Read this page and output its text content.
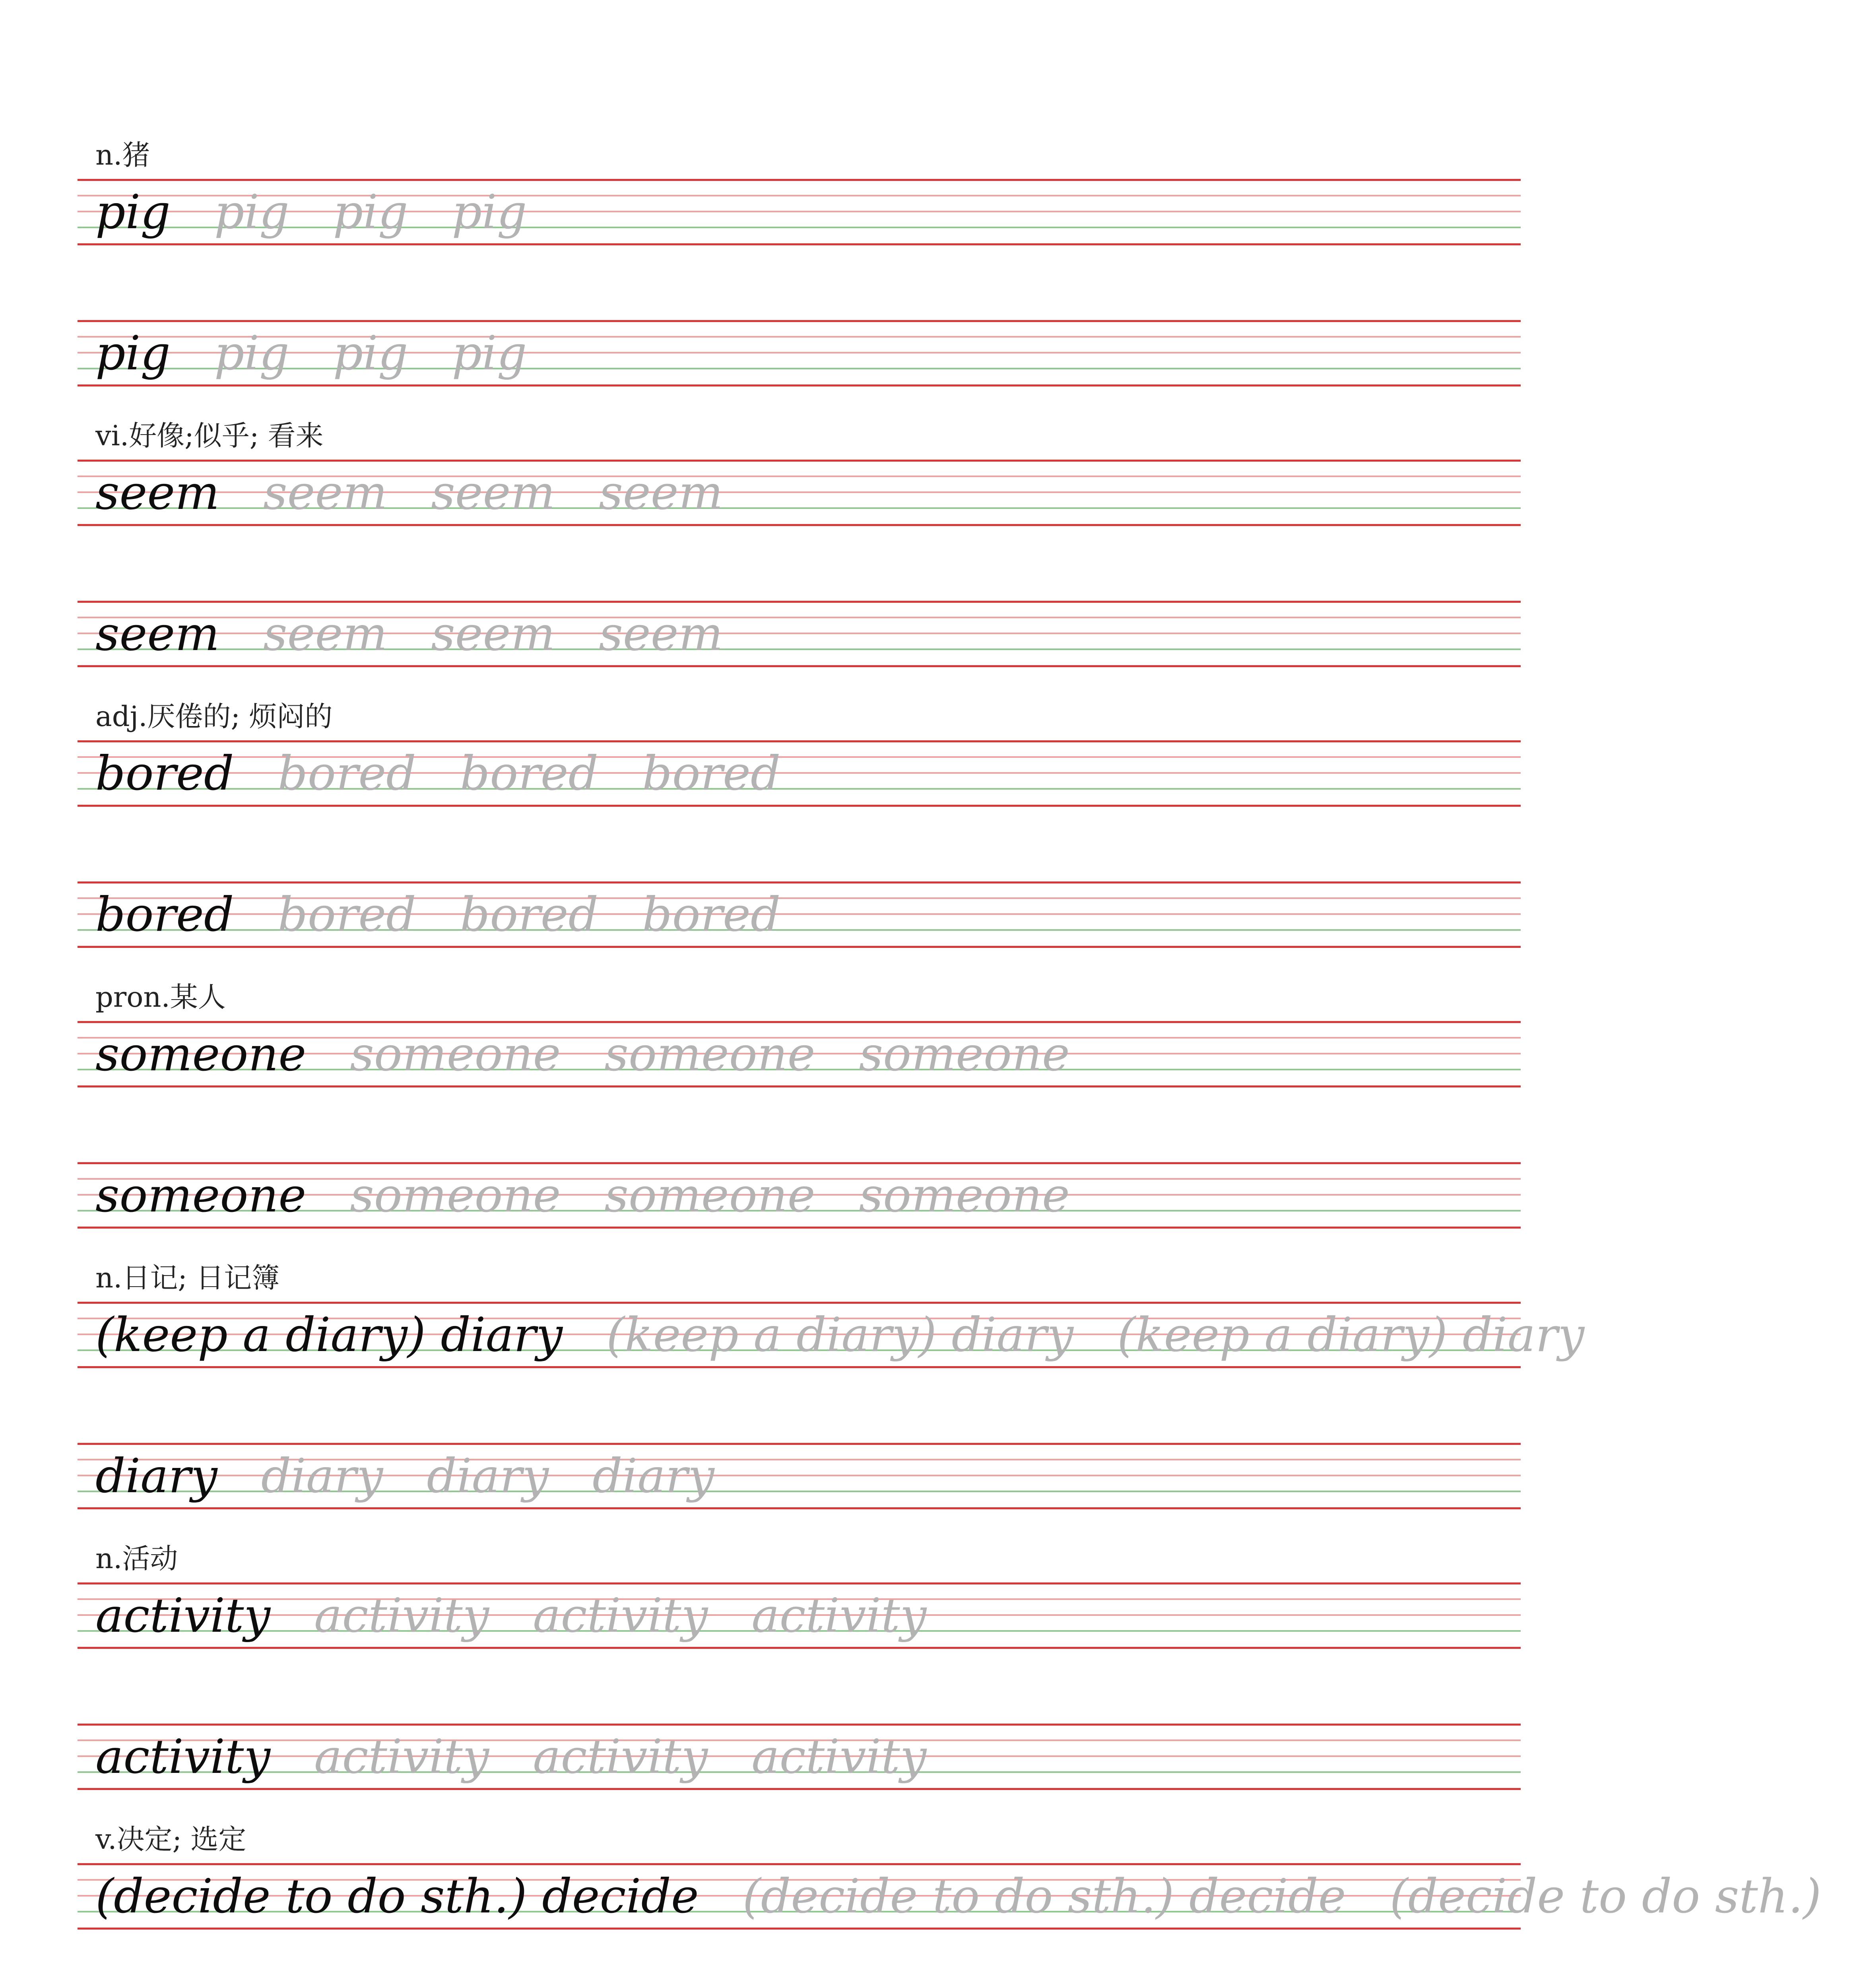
n.猪
pig pig pig pig
pig pig pig pig
vi.好像;似乎; 看来
seem seem seem seem
seem seem seem seem
adj.厌倦的; 烦闷的
bored bored bored bored
bored bored bored bored
pron.某人
someone someone someone someone
someone someone someone someone
n.日记; 日记簿
(keep a diary) diary (keep a diary) diary (keep a diary) diary
diary diary diary diary
n.活动
activity activity activity activity
activity activity activity activity
v.决定; 选定
(decide to do sth.) decide (decide to do sth.) decide (decide to do sth.)
